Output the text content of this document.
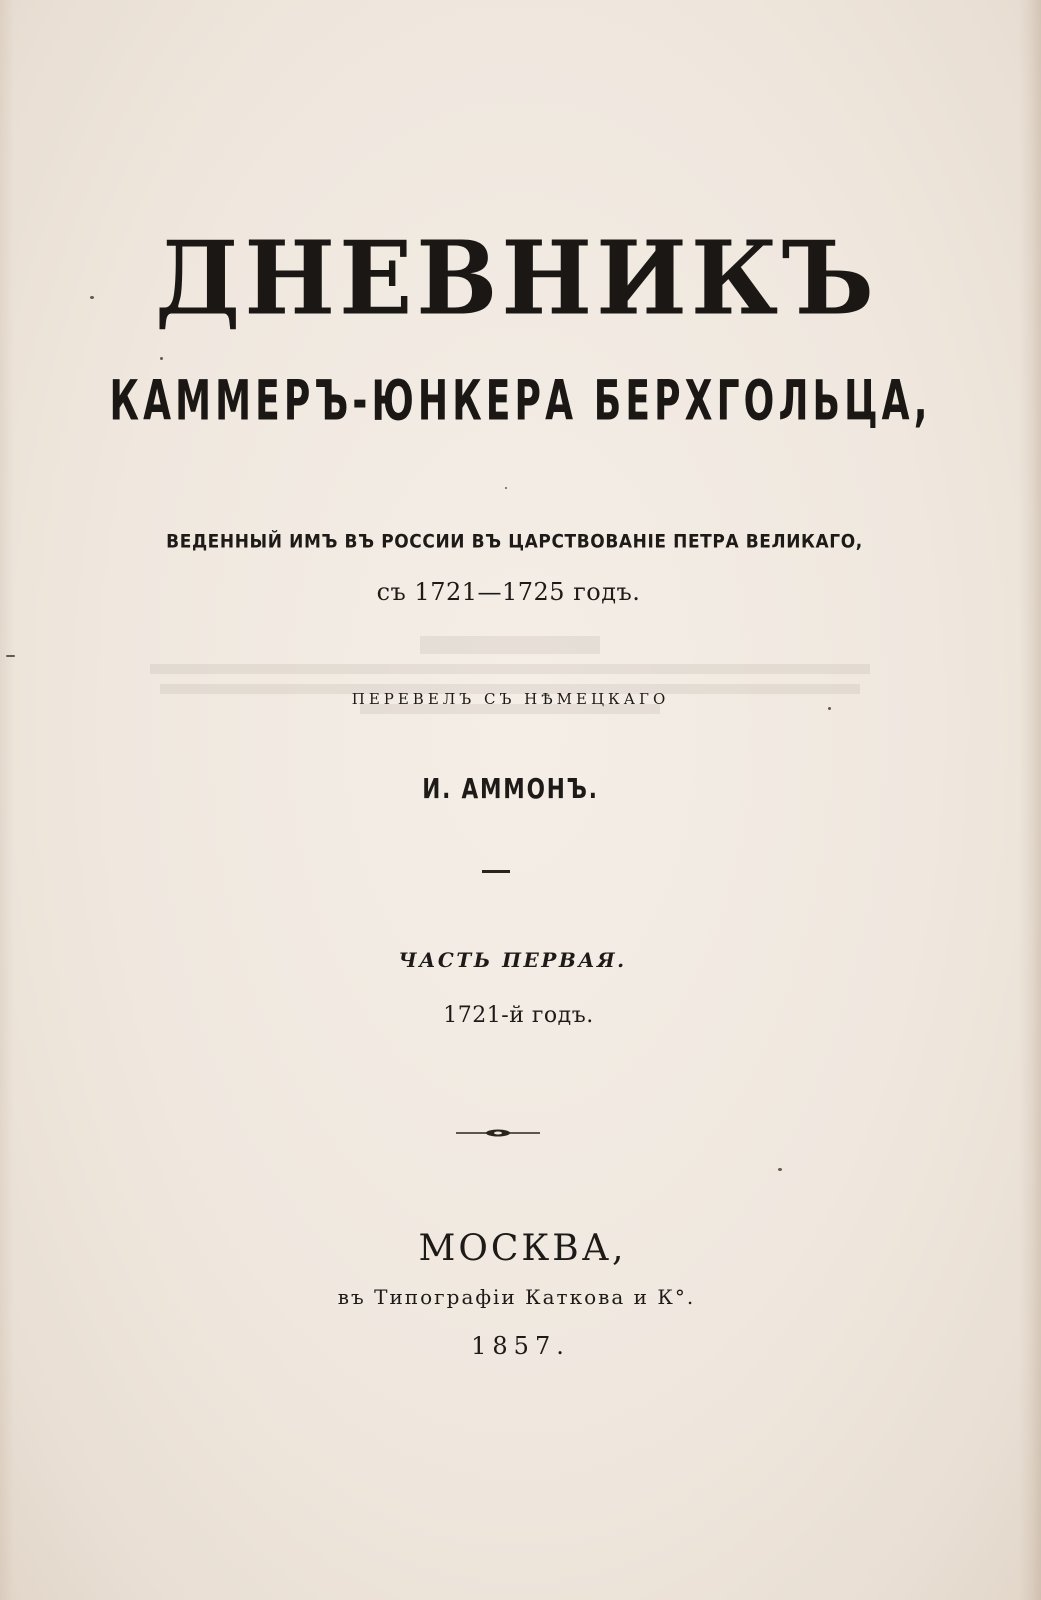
ДНЕВНИКЪ
КАММЕРЪ-ЮНКЕРА БЕРХГОЛЬЦА,

ВЕДЕННЫЙ ИМЪ ВЪ РОССИИ ВЪ ЦАРСТВОВАНІЕ ПЕТРА ВЕЛИКАГО,

съ 1721—1725 годъ.

ПЕРЕВЕЛЪ СЪ НѢМЕЦКАГО

И. АММОНЪ.

ЧАСТЬ ПЕРВАЯ.

1721-й годъ.

МОСКВА,

въ Типографіи Каткова и К°.

1857.
